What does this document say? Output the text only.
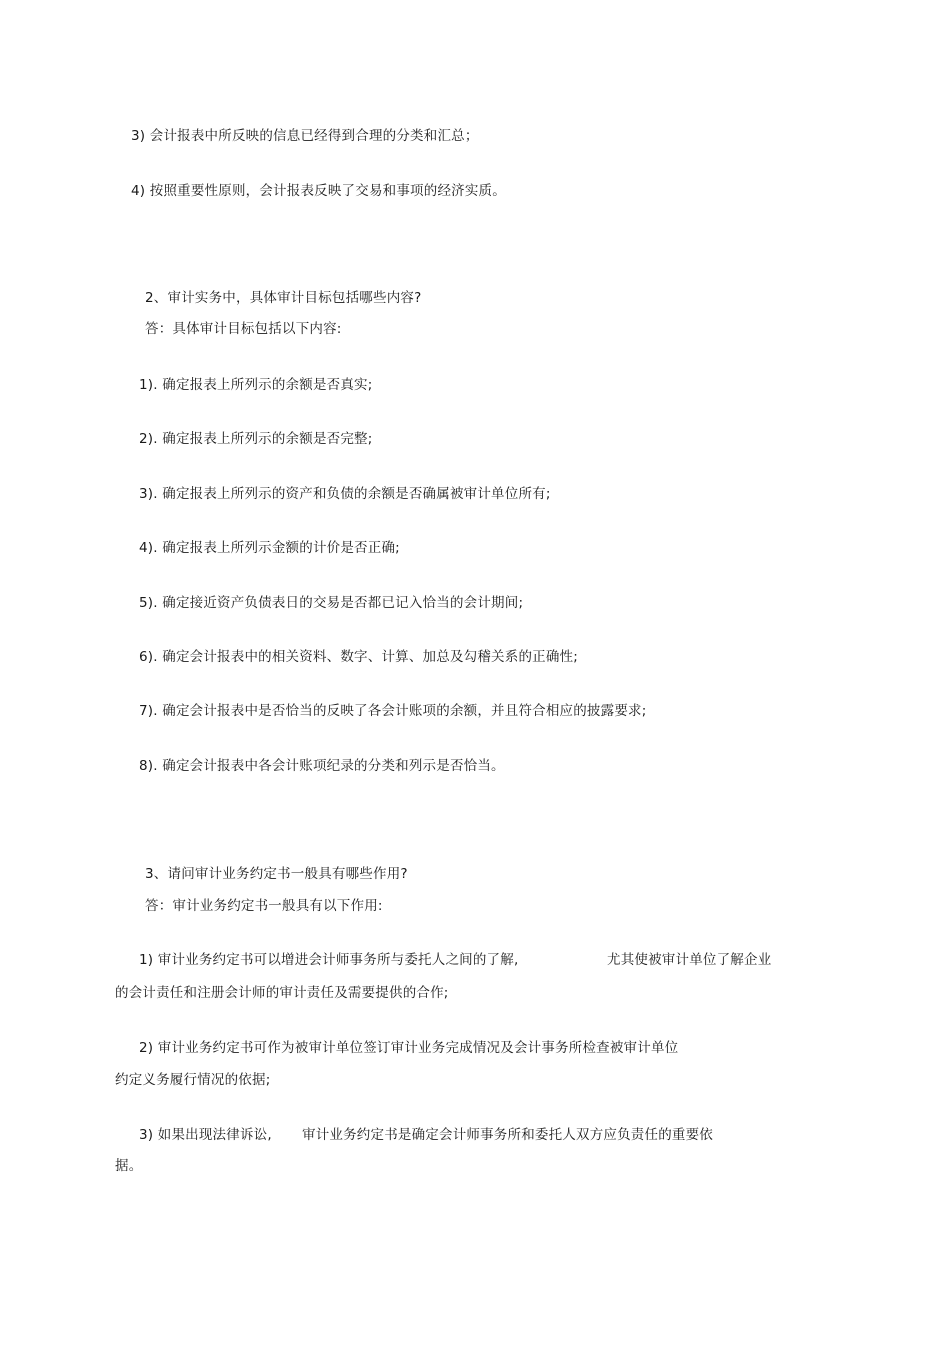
3) 会计报表中所反映的信息已经得到合理的分类和汇总；
4) 按照重要性原则，会计报表反映了交易和事项的经济实质。
2、审计实务中，具体审计目标包括哪些内容?
答：具体审计目标包括以下内容:
1). 确定报表上所列示的余额是否真实;
2). 确定报表上所列示的余额是否完整;
3). 确定报表上所列示的资产和负债的余额是否确属被审计单位所有;
4). 确定报表上所列示金额的计价是否正确;
5). 确定接近资产负债表日的交易是否都已记入恰当的会计期间;
6). 确定会计报表中的相关资料、数字、计算、加总及勾稽关系的正确性;
7). 确定会计报表中是否恰当的反映了各会计账项的余额，并且符合相应的披露要求;
8). 确定会计报表中各会计账项纪录的分类和列示是否恰当。
3、请问审计业务约定书一般具有哪些作用?
答：审计业务约定书一般具有以下作用:
1) 审计业务约定书可以增进会计师事务所与委托人之间的了解,	尤其使被审计单位了解企业
的会计责任和注册会计师的审计责任及需要提供的合作;
2) 审计业务约定书可作为被审计单位签订审计业务完成情况及会计事务所检查被审计单位
约定义务履行情况的依据;
3) 如果出现法律诉讼, 审计业务约定书是确定会计师事务所和委托人双方应负责任的重要依
据。
